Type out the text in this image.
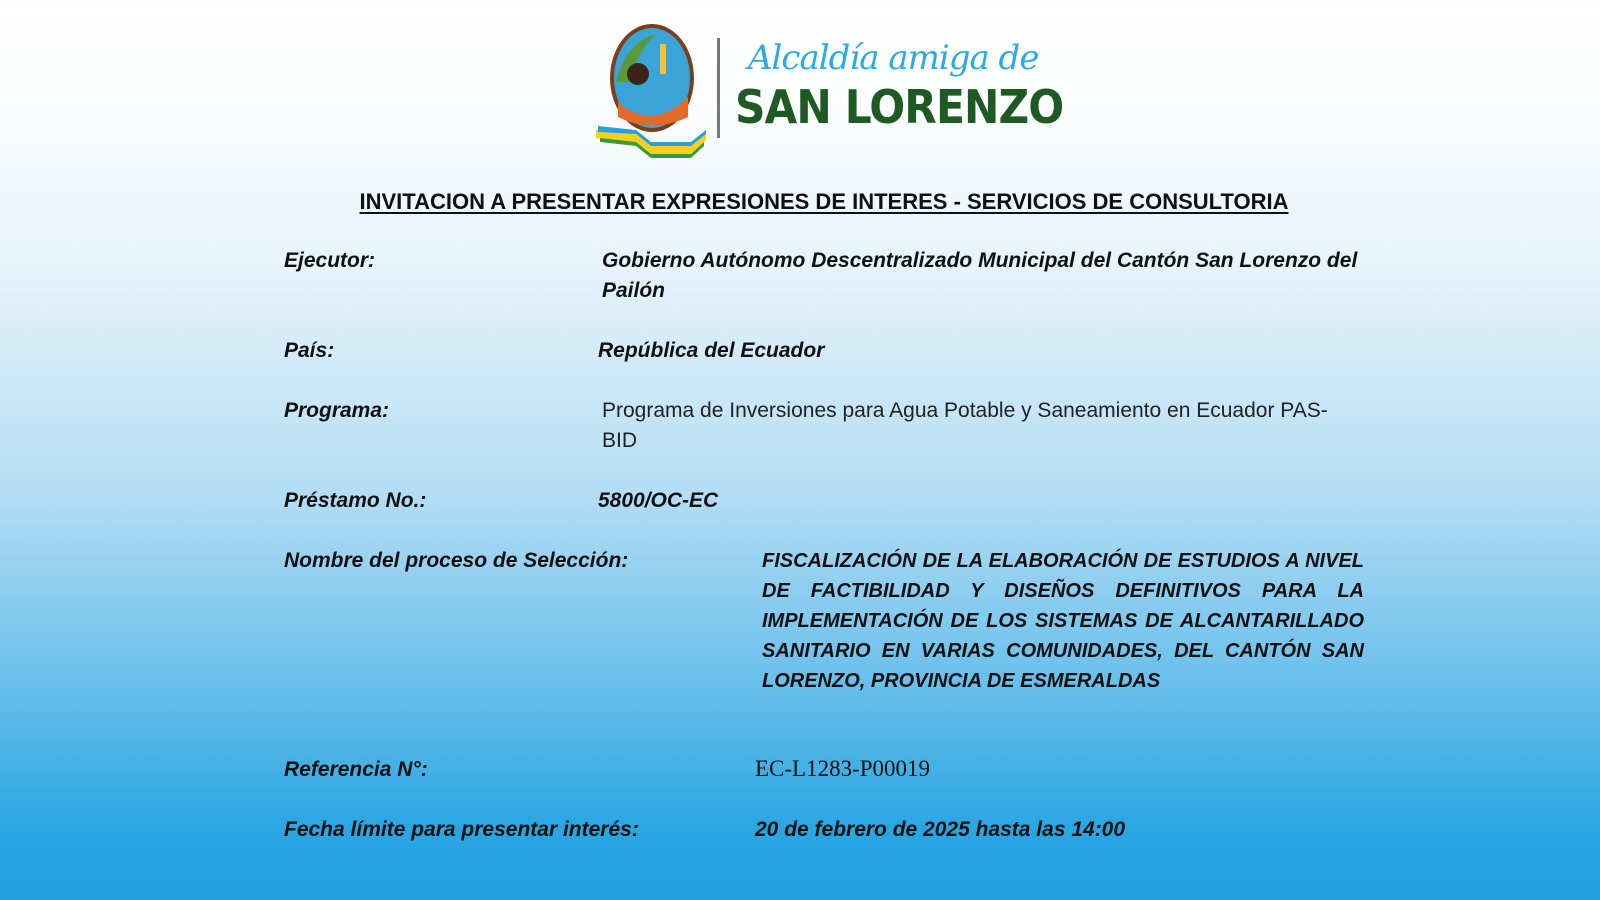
Alcaldía amiga de
SAN LORENZO
INVITACION A PRESENTAR EXPRESIONES DE INTERES - SERVICIOS DE CONSULTORIA
Ejecutor:	Gobierno Autónomo Descentralizado Municipal del Cantón San Lorenzo del Pailón
País:	República del Ecuador
Programa:	Programa de Inversiones para Agua Potable y Saneamiento en Ecuador PAS-BID
Préstamo No.:	5800/OC-EC
Nombre del proceso de Selección:	FISCALIZACIÓN DE LA ELABORACIÓN DE ESTUDIOS A NIVEL DE FACTIBILIDAD Y DISEÑOS DEFINITIVOS PARA LA IMPLEMENTACIÓN DE LOS SISTEMAS DE ALCANTARILLADO SANITARIO EN VARIAS COMUNIDADES, DEL CANTÓN SAN LORENZO, PROVINCIA DE ESMERALDAS
Referencia N°:	EC-L1283-P00019
Fecha límite para presentar interés:	20 de febrero de 2025 hasta las 14:00
